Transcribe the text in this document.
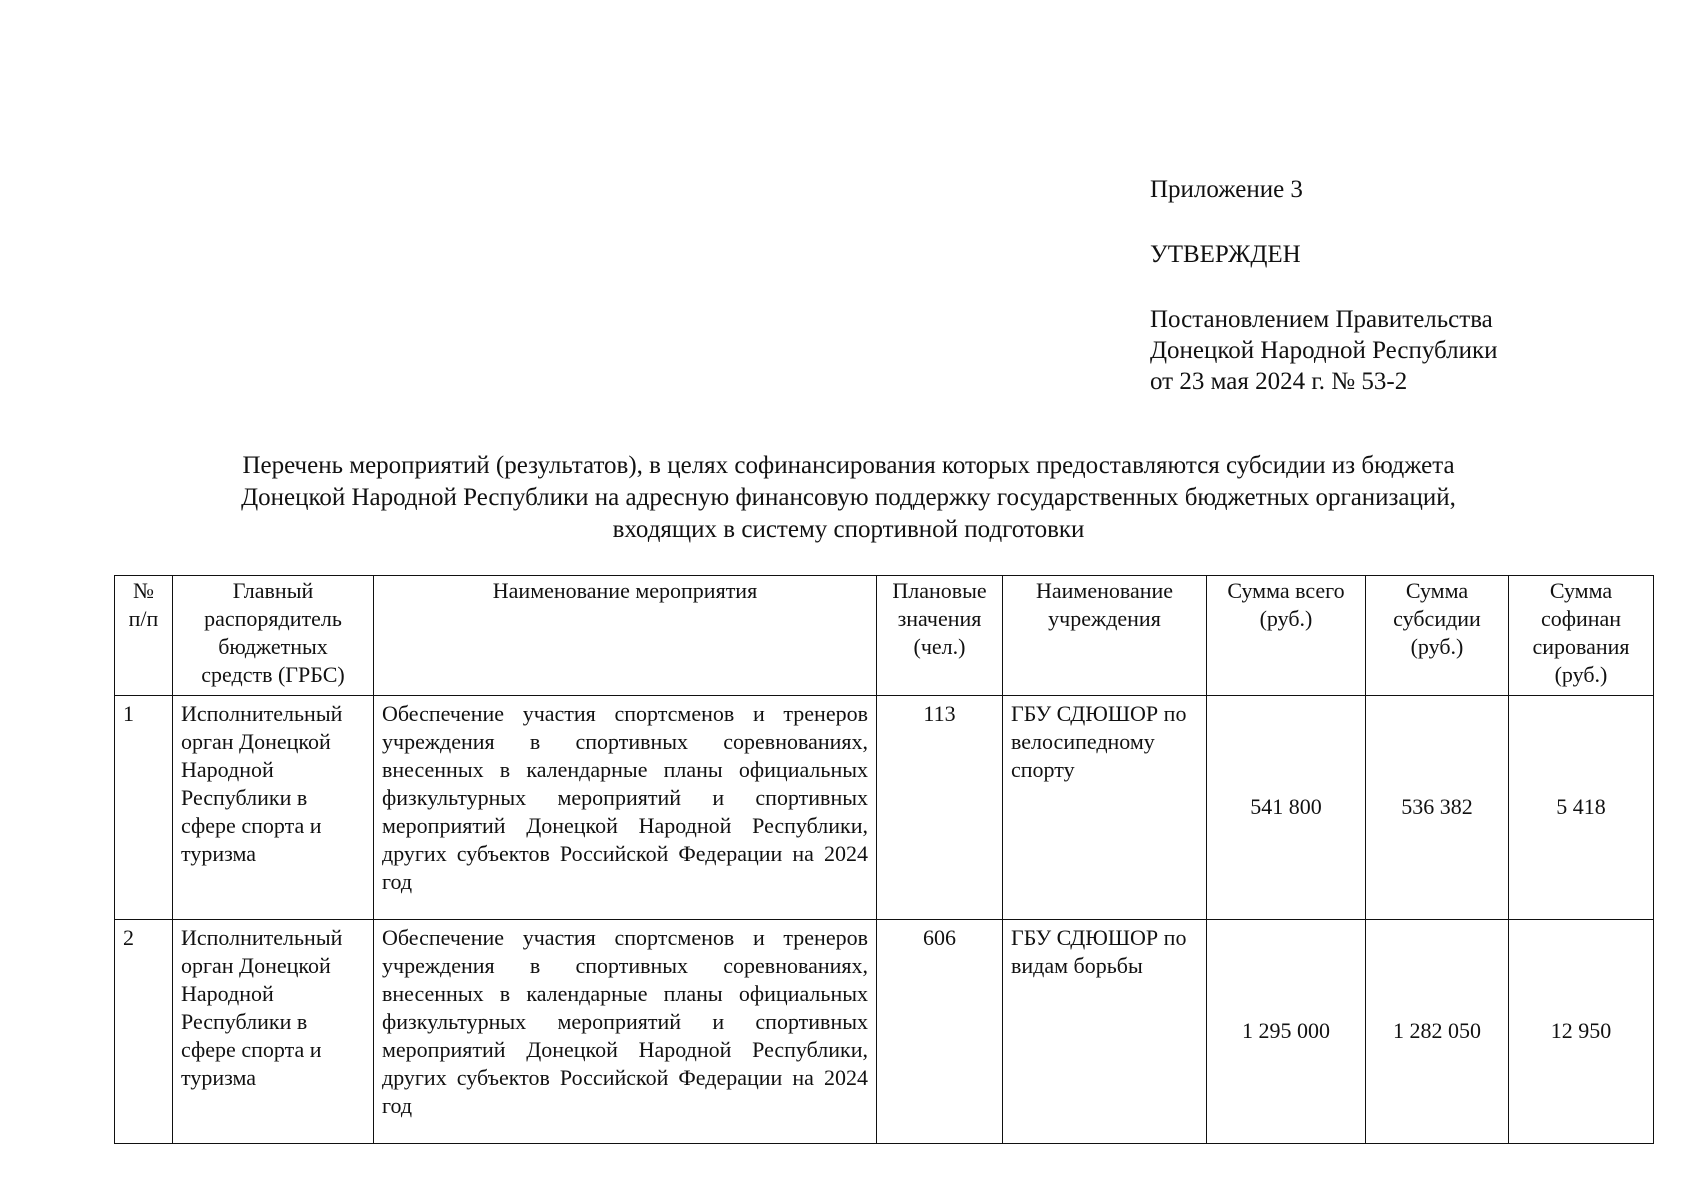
Приложение 3

УТВЕРЖДЕН

Постановлением Правительства

Донецкой Народной Республики

от 23 мая 2024 г. № 53-2

Перечень мероприятий (результатов), в целях софинансирования которых предоставляются субсидии из бюджета
Донецкой Народной Республики на адресную финансовую поддержку государственных бюджетных организаций,
входящих в систему спортивной подготовки
№ п/п	Главный распорядитель бюджетных средств (ГРБС)	Наименование мероприятия	Плановые значения (чел.)	Наименование учреждения	Сумма всего (руб.)	Сумма субсидии (руб.)	Сумма софинан сирования (руб.)
1	Исполнительный орган Донецкой Народной Республики в сфере спорта и туризма	Обеспечение участия спортсменов и тренеров учреждения в спортивных соревнованиях, внесенных в календарные планы официальных физкультурных мероприятий и спортивных мероприятий Донецкой Народной Республики, других субъектов Российской Федерации на 2024 год	113	ГБУ СДЮШОР по велосипедному спорту	541 800	536 382	5 418
2	Исполнительный орган Донецкой Народной Республики в сфере спорта и туризма	Обеспечение участия спортсменов и тренеров учреждения в спортивных соревнованиях, внесенных в календарные планы официальных физкультурных мероприятий и спортивных мероприятий Донецкой Народной Республики, других субъектов Российской Федерации на 2024 год	606	ГБУ СДЮШОР по видам борьбы	1 295 000	1 282 050	12 950
